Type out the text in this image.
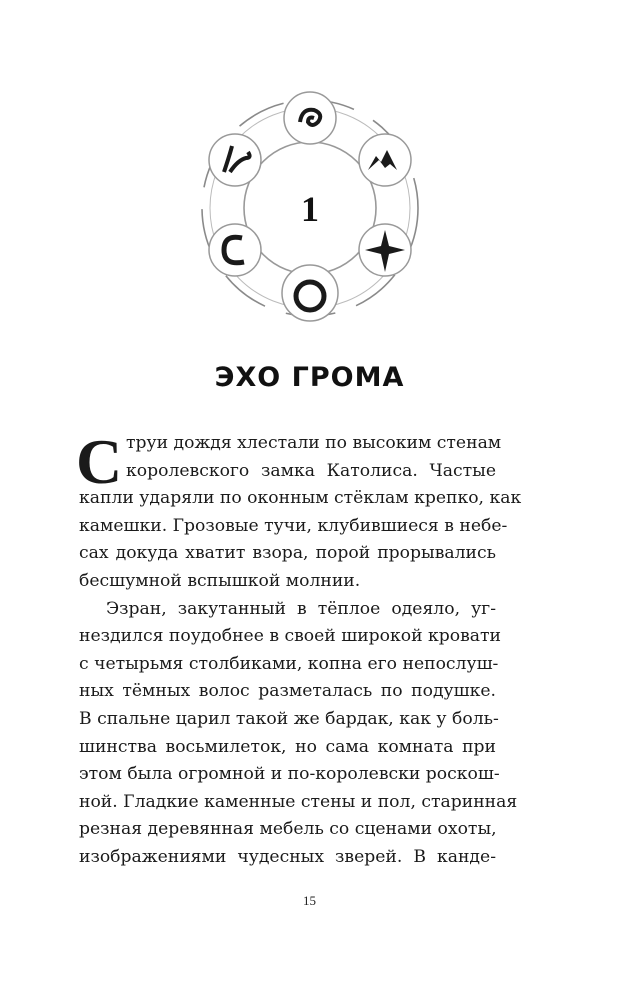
1
ЭХО ГРОМА
С труи дождя хлестали по высоким стенам
королевского замка Католиса. Частые
капли ударяли по оконным стёклам крепко, как
камешки. Грозовые тучи, клубившиеся в небе-
сах докуда хватит взора, порой прорывались
бесшумной вспышкой молнии.

Эзран, закутанный в тёплое одеяло, уг-
нездился поудобнее в своей широкой кровати
с четырьмя столбиками, копна его непослуш-
ных тёмных волос разметалась по подушке.
В спальне царил такой же бардак, как у боль-
шинства восьмилеток, но сама комната при
этом была огромной и по-королевски роскош-
ной. Гладкие каменные стены и пол, старинная
резная деревянная мебель со сценами охоты,
изображениями чудесных зверей. В канде-

15
